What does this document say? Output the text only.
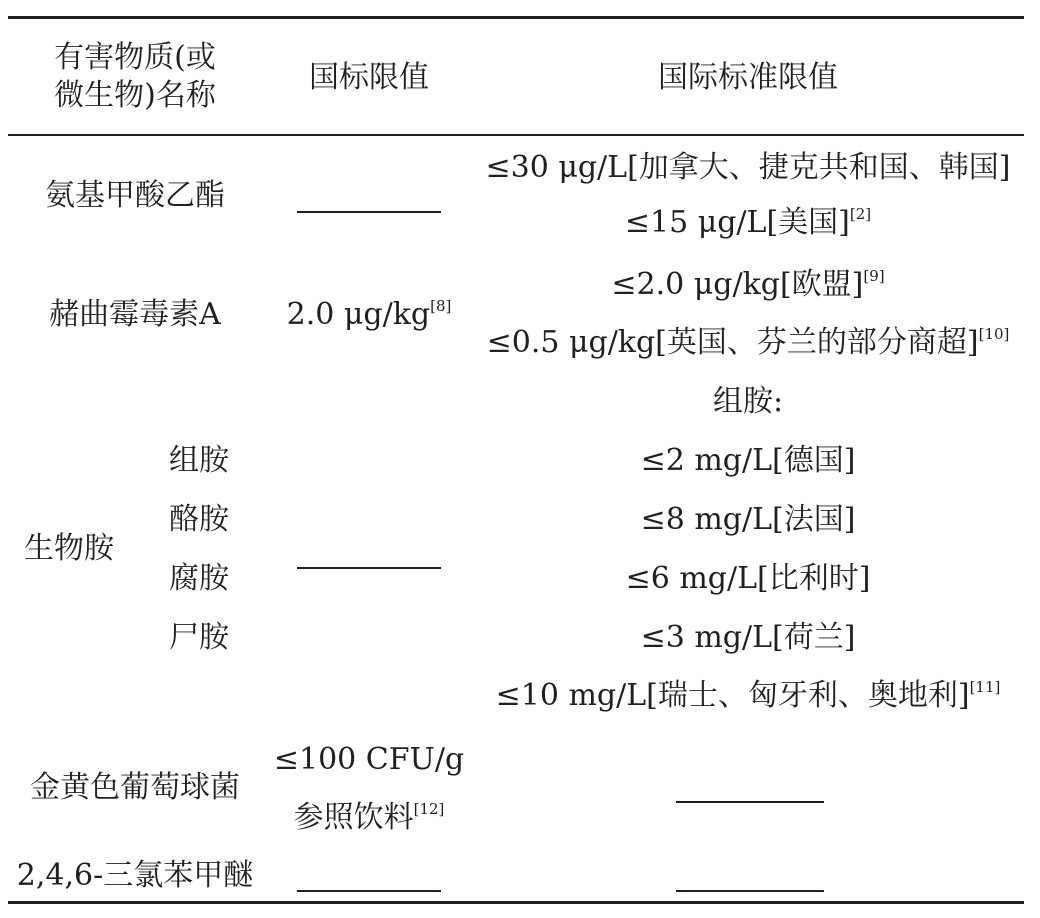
有害物质(或
微生物)名称
国标限值	国际标准限值
氨基甲酸乙酯
≤30 μg/L[加拿大、捷克共和国、韩国]
≤15 μg/L[美国][2]
赭曲霉毒素A 2.0 μg/kg[8]
≤2.0 μg/kg[欧盟][9]
≤0.5 μg/kg[英国、芬兰的部分商超][10]
生物胺
组胺
酪胺
腐胺
尸胺
组胺:
≤2 mg/L[德国]
≤8 mg/L[法国]
≤6 mg/L[比利时]
≤3 mg/L[荷兰]
≤10 mg/L[瑞士、匈牙利、奥地利][11]
金黄色葡萄球菌
≤100 CFU/g
参照饮料[12]
2,4,6-三氯苯甲醚
